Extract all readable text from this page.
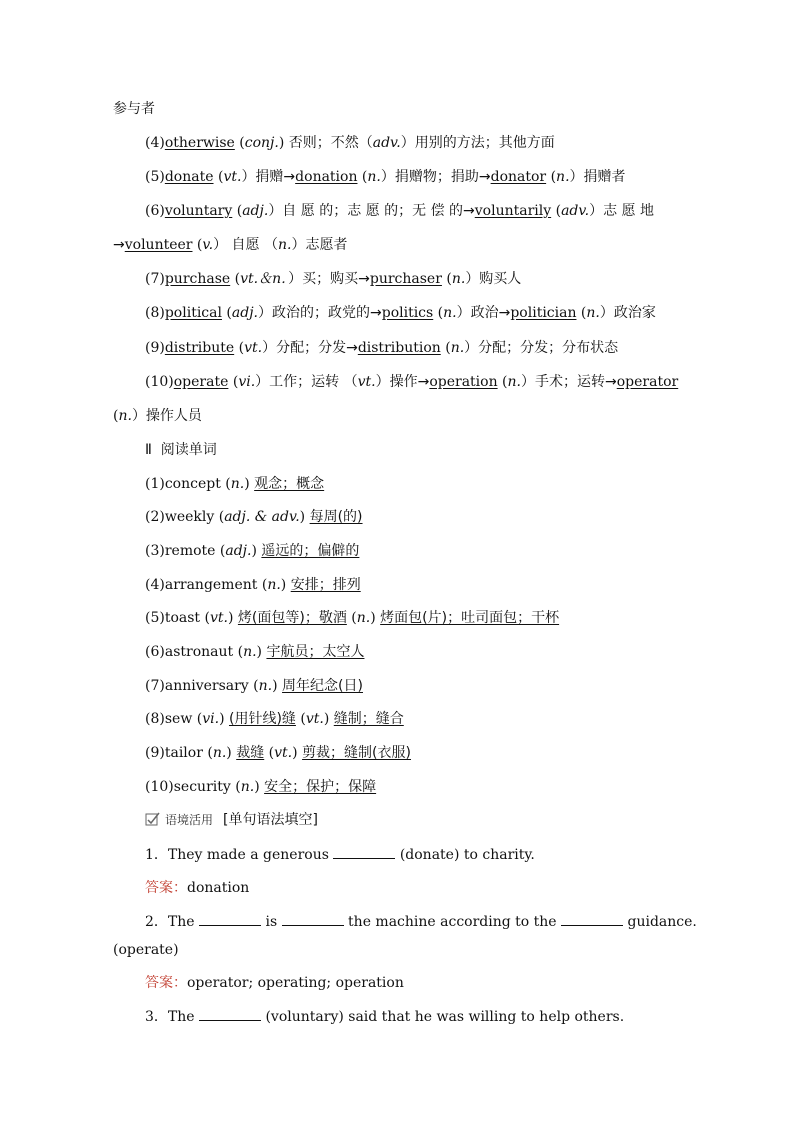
参与者
(4)otherwise (conj.) 否则；不然（adv.）用别的方法；其他方面
(5)donate (vt.）捐赠→donation (n.）捐赠物；捐助→donator (n.）捐赠者
(6)voluntary (adj.）自 愿 的；志 愿 的；无 偿 的→voluntarily (adv.）志 愿 地
→volunteer (v.） 自愿 （n.）志愿者
(7)purchase (vt.＆n．）买；购买→purchaser (n.）购买人
(8)political (adj.）政治的；政党的→politics (n.）政治→politician (n.）政治家
(9)distribute (vt.）分配；分发→distribution (n.）分配；分发；分布状态
(10)operate (vi.）工作；运转 （vt.）操作→operation (n.）手术；运转→operator
(n.）操作人员
Ⅱ 阅读单词
(1)concept (n.) 观念；概念
(2)weekly (adj. & adv.) 每周(的)
(3)remote (adj.) 遥远的；偏僻的
(4)arrangement (n.) 安排；排列
(5)toast (vt.) 烤(面包等)；敬酒 (n.) 烤面包(片)；吐司面包；干杯
(6)astronaut (n.) 宇航员；太空人
(7)anniversary (n.) 周年纪念(日)
(8)sew (vi.) (用针线)缝 (vt.) 缝制；缝合
(9)tailor (n.) 裁缝 (vt.) 剪裁；缝制(衣服)
(10)security (n.) 安全；保护；保障
语境活用 [单句语法填空]
1．They made a generous	(donate) to charity.
答案：donation
2．The	is	the machine according to the	guidance.
(operate)
答案：operator; operating; operation
3．The	(voluntary) said that he was willing to help others.
